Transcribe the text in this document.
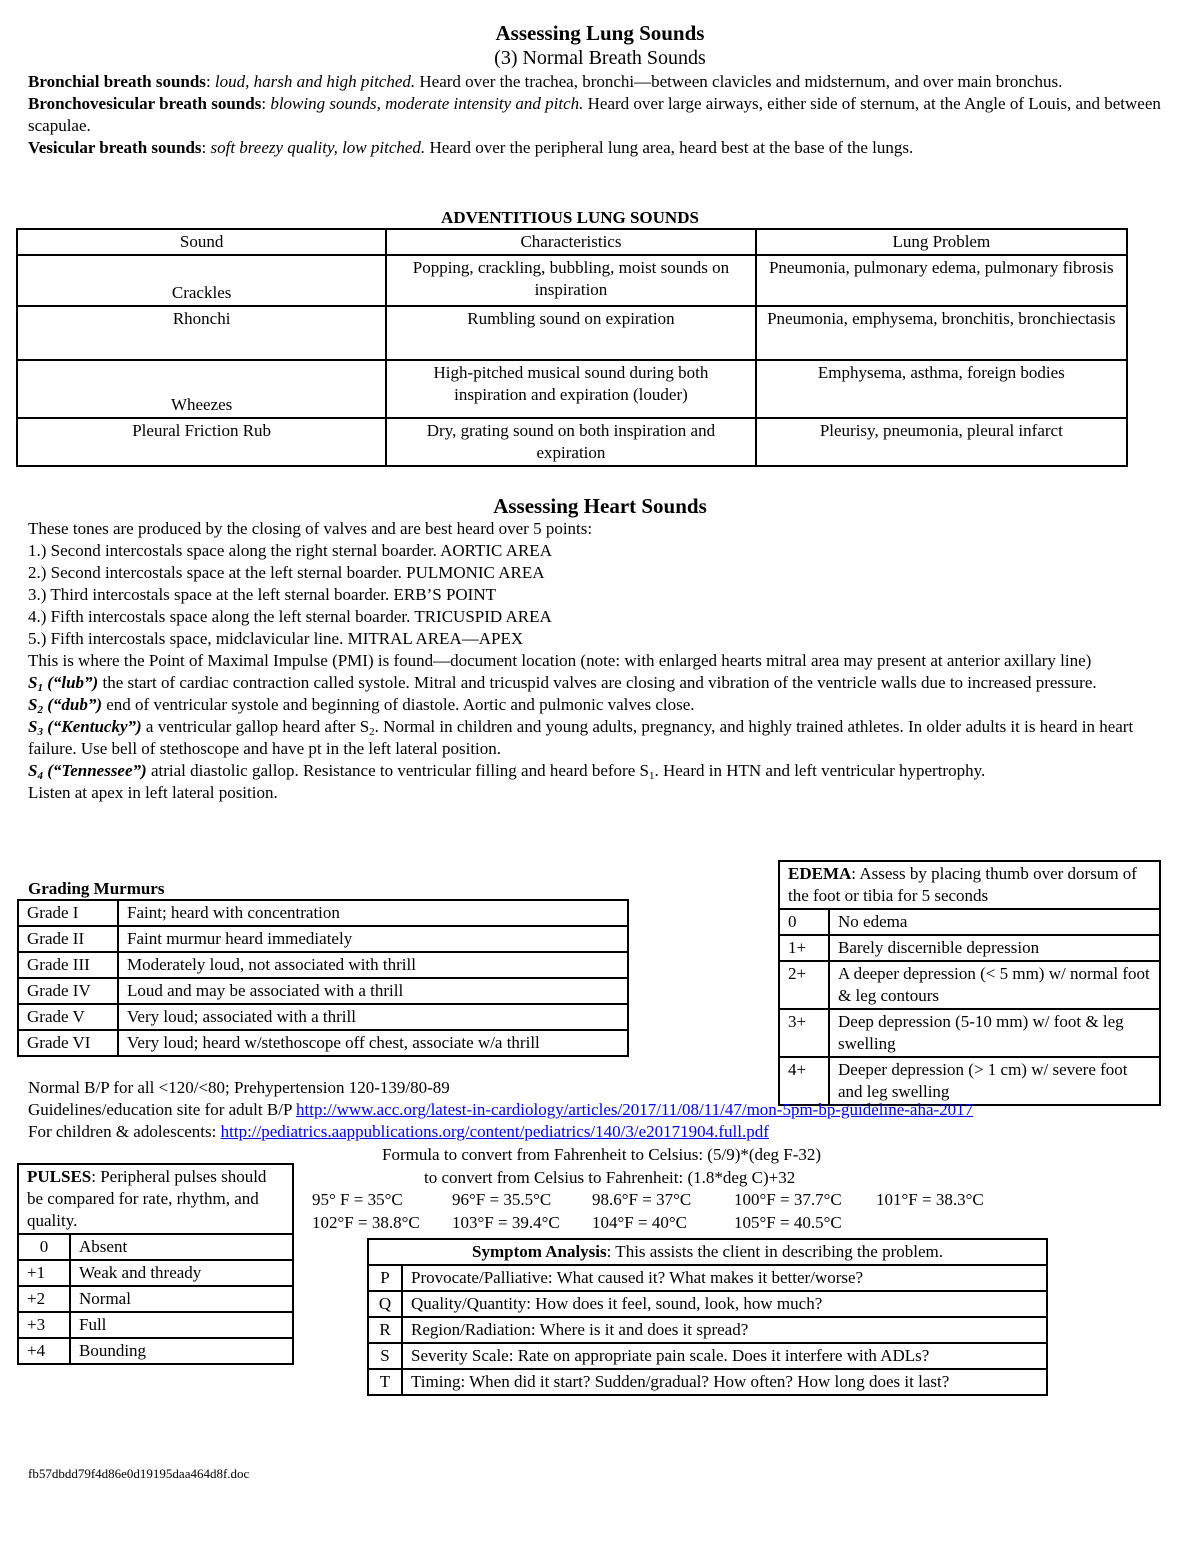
Assessing Lung Sounds
(3) Normal Breath Sounds
Bronchial breath sounds: loud, harsh and high pitched. Heard over the trachea, bronchi—between clavicles and midsternum, and over main bronchus.
Bronchovesicular breath sounds: blowing sounds, moderate intensity and pitch. Heard over large airways, either side of sternum, at the Angle of Louis, and between scapulae.
Vesicular breath sounds: soft breezy quality, low pitched. Heard over the peripheral lung area, heard best at the base of the lungs.
ADVENTITIOUS LUNG SOUNDS
Sound	Characteristics	Lung Problem
Crackles	Popping, crackling, bubbling, moist sounds on inspiration	Pneumonia, pulmonary edema, pulmonary fibrosis
Rhonchi	Rumbling sound on expiration	Pneumonia, emphysema, bronchitis, bronchiectasis
Wheezes	High-pitched musical sound during both inspiration and expiration (louder)	Emphysema, asthma, foreign bodies
Pleural Friction Rub	Dry, grating sound on both inspiration and expiration	Pleurisy, pneumonia, pleural infarct
Assessing Heart Sounds
These tones are produced by the closing of valves and are best heard over 5 points:
1.) Second intercostals space along the right sternal boarder. AORTIC AREA
2.) Second intercostals space at the left sternal boarder. PULMONIC AREA
3.) Third intercostals space at the left sternal boarder. ERB’S POINT
4.) Fifth intercostals space along the left sternal boarder. TRICUSPID AREA
5.) Fifth intercostals space, midclavicular line. MITRAL AREA—APEX
This is where the Point of Maximal Impulse (PMI) is found—document location (note: with enlarged hearts mitral area may present at anterior axillary line)
$S_1$ (“lub”) the start of cardiac contraction called systole. Mitral and tricuspid valves are closing and vibration of the ventricle walls due to increased pressure.
$S_2$ (“dub”) end of ventricular systole and beginning of diastole. Aortic and pulmonic valves close.
$S_3$ (“Kentucky”) a ventricular gallop heard after $S_2$. Normal in children and young adults, pregnancy, and highly trained athletes. In older adults it is heard in heart failure. Use bell of stethoscope and have pt in the left lateral position.
$S_4$ (“Tennessee”) atrial diastolic gallop. Resistance to ventricular filling and heard before $S_1$. Heard in HTN and left ventricular hypertrophy.
Listen at apex in left lateral position.
Grading Murmurs
Grade I	Faint; heard with concentration
Grade II	Faint murmur heard immediately
Grade III	Moderately loud, not associated with thrill
Grade IV	Loud and may be associated with a thrill
Grade V	Very loud; associated with a thrill
Grade VI	Very loud; heard w/stethoscope off chest, associate w/a thrill
EDEMA: Assess by placing thumb over dorsum of the foot or tibia for 5 seconds	
0	No edema
1+	Barely discernible depression
2+	A deeper depression (< 5 mm) w/ normal foot & leg contours
3+	Deep depression (5-10 mm) w/ foot & leg swelling
4+	Deeper depression (> 1 cm) w/ severe foot and leg swelling
Normal B/P for all <120/<80; Prehypertension 120-139/80-89
Guidelines/education site for adult B/P http://www.acc.org/latest-in-cardiology/articles/2017/11/08/11/47/mon-5pm-bp-guideline-aha-2017
For children & adolescents: http://pediatrics.aappublications.org/content/pediatrics/140/3/e20171904.full.pdf
Formula to convert from Fahrenheit to Celsius: (5/9)*(deg F-32)
to convert from Celsius to Fahrenheit: (1.8*deg C)+32
95° F = 35°C	96°F = 35.5°C 98.6°F = 37°C	100°F = 37.7°C 101°F = 38.3°C
102°F = 38.8°C 103°F = 39.4°C 104°F = 40°C	105°F = 40.5°C
PULSES: Peripheral pulses should be compared for rate, rhythm, and quality.	
0	Absent
+1	Weak and thready
+2	Normal
+3	Full
+4	Bounding
Symptom Analysis: This assists the client in describing the problem.	
P	Provocate/Palliative: What caused it? What makes it better/worse?
Q	Quality/Quantity: How does it feel, sound, look, how much?
R	Region/Radiation: Where is it and does it spread?
S	Severity Scale: Rate on appropriate pain scale. Does it interfere with ADLs?
T	Timing: When did it start? Sudden/gradual? How often? How long does it last?
fb57dbdd79f4d86e0d19195daa464d8f.doc
